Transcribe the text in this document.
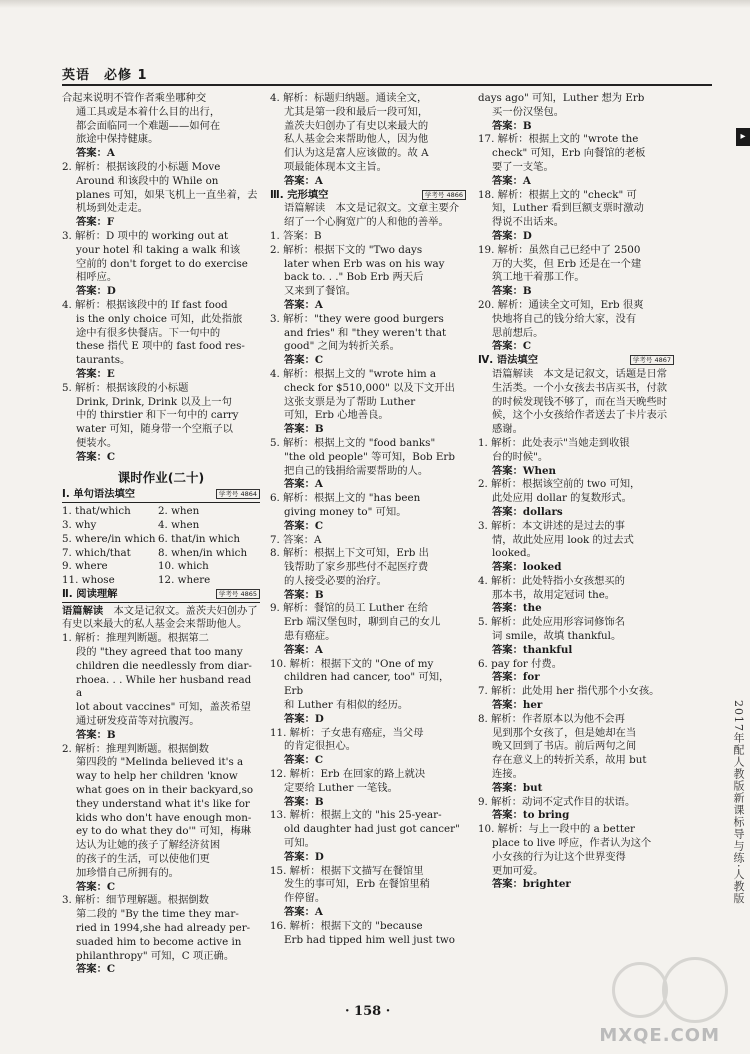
英语　必修 1
▸

合起来说明不管作者乘坐哪种交

通工具或是本着什么目的出行，

都会面临同一个难题——如何在

旅途中保持健康。

答案：A

2. 解析：根据该段的小标题 Move

Around 和该段中的 While on

planes 可知，如果飞机上一直坐着，去

机场到处走走。

答案：F

3. 解析：D 项中的 working out at

your hotel 和 taking a walk 和该

空前的 don't forget to do exercise

相呼应。

答案：D

4. 解析：根据该段中的 If fast food

is the only choice 可知，此处指旅

途中有很多快餐店。下一句中的

these 指代 E 项中的 fast food res-

taurants。

答案：E

5. 解析：根据该段的小标题

Drink, Drink, Drink 以及上一句

中的 thirstier 和下一句中的 carry

water 可知，随身带一个空瓶子以

便装水。

答案：C

课时作业(二十)

Ⅰ. 单句语法填空	学考号 4864

1. that/which	2. when
3. why	4. when
5. where/in which 6. that/in which
7. which/that	8. when/in which
9. where	10. which
11. whose	12. where

Ⅱ. 阅读理解	学考号 4865

语篇解读　本文是记叙文。盖茨夫妇创办了有史以来最大的私人基金会来帮助他人。

1. 解析：推理判断题。根据第二

段的 "they agreed that too many

children die needlessly from diar-

rhoea. . . While her husband read a

lot about vaccines" 可知，盖茨希望

通过研发疫苗等对抗腹泻。

答案：B

2. 解析：推理判断题。根据倒数

第四段的 "Melinda believed it's a

way to help her children 'know

what goes on in their backyard,so

they understand what it's like for

kids who don't have enough mon-

ey to do what they do'" 可知，梅琳

达认为让她的孩子了解经济贫困

的孩子的生活，可以使他们更

加珍惜自己所拥有的。

答案：C

3. 解析：细节理解题。根据倒数

第二段的 "By the time they mar-

ried in 1994,she had already per-

suaded him to become active in

philanthropy" 可知，C 项正确。

答案：C

4. 解析：标题归纳题。通读全文，

尤其是第一段和最后一段可知，

盖茨夫妇创办了有史以来最大的

私人基金会来帮助他人，因为他

们认为这是富人应该做的。故 A

项最能体现本文主旨。

答案：A

Ⅲ. 完形填空	学考号 4866

语篇解读　本文是记叙文。文章主要介绍了一个心胸宽广的人和他的善举。

1. 答案：B

2. 解析：根据下文的 "Two days

later when Erb was on his way

back to. . ." Bob Erb 两天后

又来到了餐馆。

答案：A

3. 解析："they were good burgers

and fries" 和 "they weren't that

good" 之间为转折关系。

答案：C

4. 解析：根据上文的 "wrote him a

check for $510,000" 以及下文开出

这张支票是为了帮助 Luther

可知，Erb 心地善良。

答案：B

5. 解析：根据上文的 "food banks"

"the old people" 等可知，Bob Erb

把自己的钱捐给需要帮助的人。

答案：A

6. 解析：根据上文的 "has been

giving money to" 可知。

答案：C

7. 答案：A

8. 解析：根据上下文可知，Erb 出

钱帮助了家乡那些付不起医疗费

的人接受必要的治疗。

答案：B

9. 解析：餐馆的员工 Luther 在给

Erb 端汉堡包时，聊到自己的女儿

患有癌症。

答案：A

10. 解析：根据下文的 "One of my

children had cancer, too" 可知，Erb

和 Luther 有相似的经历。

答案：D

11. 解析：子女患有癌症，当父母

的肯定很担心。

答案：C

12. 解析：Erb 在回家的路上就决

定要给 Luther 一笔钱。

答案：B

13. 解析：根据上文的 "his 25-year-

old daughter had just got cancer"

可知。

答案：D

15. 解析：根据下文描写在餐馆里

发生的事可知，Erb 在餐馆里稍

作停留。

答案：A

16. 解析：根据下文的 "because

Erb had tipped him well just two

days ago" 可知，Luther 想为 Erb

买一份汉堡包。

答案：B

17. 解析：根据上文的 "wrote the

check" 可知，Erb 向餐馆的老板

要了一支笔。

答案：A

18. 解析：根据上文的 "check" 可

知，Luther 看到巨额支票时激动

得说不出话来。

答案：D

19. 解析：虽然自己已经中了 2500

万的大奖，但 Erb 还是在一个建

筑工地干着那工作。

答案：B

20. 解析：通读全文可知，Erb 很爽

快地将自己的钱分给大家，没有

思前想后。

答案：C

Ⅳ. 语法填空	学考号 4867

语篇解读　本文是记叙文，话题是日常生活类。一个小女孩去书店买书，付款的时候发现钱不够了，而在当天晚些时候，这个小女孩给作者送去了卡片表示感谢。

1. 解析：此处表示"当她走到收银

台的时候"。

答案：When

2. 解析：根据该空前的 two 可知，

此处应用 dollar 的复数形式。

答案：dollars

3. 解析：本文讲述的是过去的事

情，故此处应用 look 的过去式

looked。

答案：looked

4. 解析：此处特指小女孩想买的

那本书，故用定冠词 the。

答案：the

5. 解析：此处应用形容词修饰名

词 smile，故填 thankful。

答案：thankful

6. pay for 付费。

答案：for

7. 解析：此处用 her 指代那个小女孩。

答案：her

8. 解析：作者原本以为他不会再

见到那个女孩了，但是她却在当

晚又回到了书店。前后两句之间

存在意义上的转折关系，故用 but

连接。

答案：but

9. 解析：动词不定式作目的状语。

答案：to bring

10. 解析：与上一段中的 a better

place to live 呼应，作者认为这个

小女孩的行为让这个世界变得

更加可爱。

答案：brighter

· 158 ·
2017年配人教版新课标导与练·人教版
MXQE.COM
